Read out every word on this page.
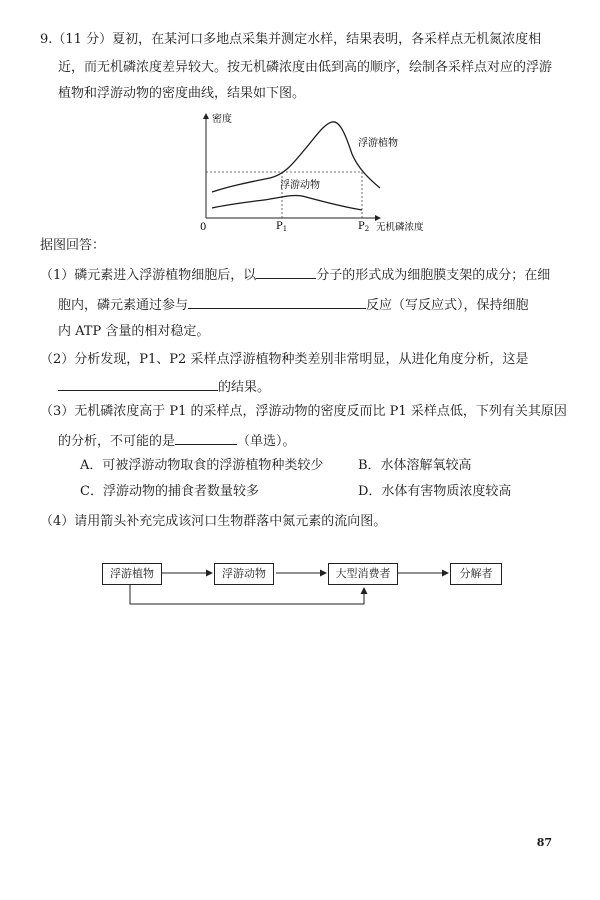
9.（11 分）夏初，在某河口多地点采集并测定水样，结果表明，各采样点无机氮浓度相
近，而无机磷浓度差异较大。按无机磷浓度由低到高的顺序，绘制各采样点对应的浮游
植物和浮游动物的密度曲线，结果如下图。
密度
0	$P_1$	$P_2$ 无机磷浓度
浮游植物
浮游动物
据图回答：
（1）磷元素进入浮游植物细胞后，以	分子的形式成为细胞膜支架的成分；在细
胞内，磷元素通过参与	反应（写反应式），保持细胞
内 ATP 含量的相对稳定。
（2）分析发现，P1、P2 采样点浮游植物种类差别非常明显，从进化角度分析，这是
的结果。
（3）无机磷浓度高于 P1 的采样点，浮游动物的密度反而比 P1 采样点低，下列有关其原因
的分析，不可能的是	（单选）。
A．可被浮游动物取食的浮游植物种类较少	B．水体溶解氧较高
C．浮游动物的捕食者数量较多	D．水体有害物质浓度较高
（4）请用箭头补充完成该河口生物群落中氮元素的流向图。
浮游植物	浮游动物	大型消费者	分解者
87
